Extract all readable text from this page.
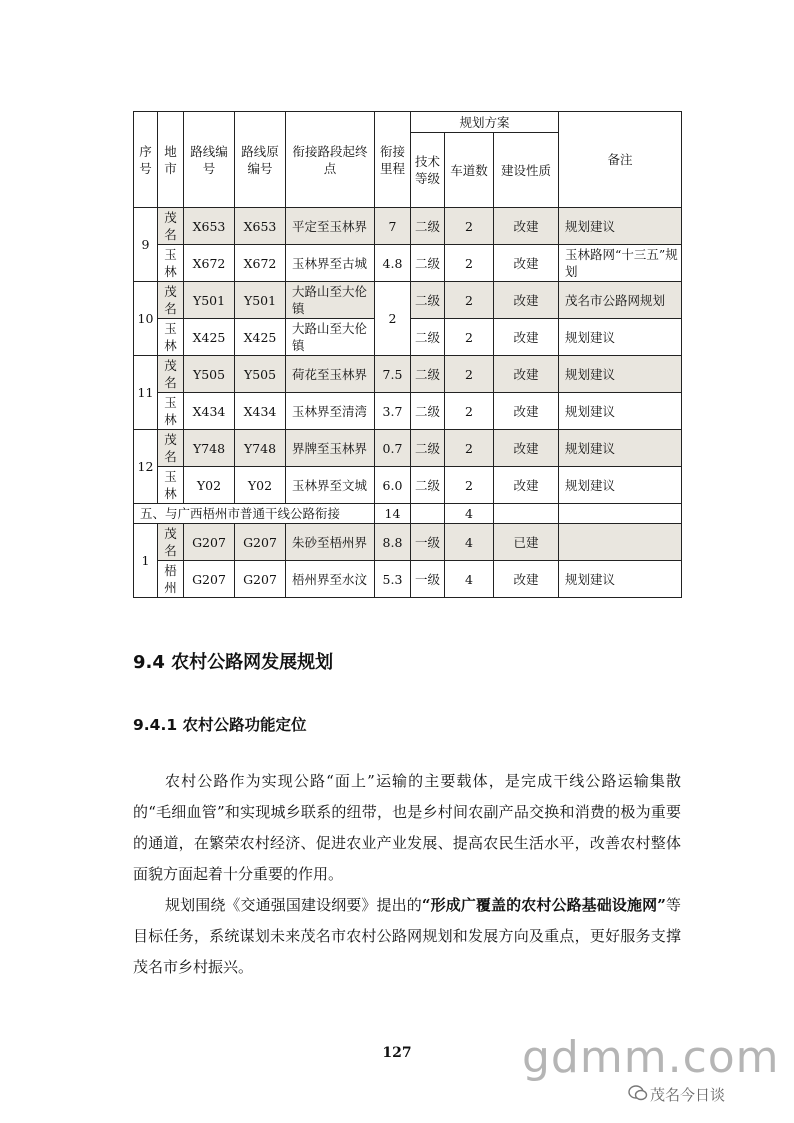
序号	地市	路线编号	路线原编号	衔接路段起终点	衔接里程	规划方案			备注
						技术等级	车道数	建设性质	
9	茂名	X653	X653	平定至玉林界	7	二级	2	改建	规划建议
	玉林	X672	X672	玉林界至古城	4.8	二级	2	改建	玉林路网“十三五”规划
10	茂名	Y501	Y501	大路山至大伦镇	2	二级	2	改建	茂名市公路网规划
	玉林	X425	X425	大路山至大伦镇		二级	2	改建	规划建议
11	茂名	Y505	Y505	荷花至玉林界	7.5	二级	2	改建	规划建议
	玉林	X434	X434	玉林界至清湾	3.7	二级	2	改建	规划建议
12	茂名	Y748	Y748	界牌至玉林界	0.7	二级	2	改建	规划建议
	玉林	Y02	Y02	玉林界至文城	6.0	二级	2	改建	规划建议
五、与广西梧州市普通干线公路衔接					14		4		
1	茂名	G207	G207	朱砂至梧州界	8.8	一级	4	已建	
	梧州	G207	G207	梧州界至水汶	5.3	一级	4	改建	规划建议
9.4 农村公路网发展规划
9.4.1 农村公路功能定位

农村公路作为实现公路“面上”运输的主要载体，是完成干线公路运输集散的“毛细血管”和实现城乡联系的纽带，也是乡村间农副产品交换和消费的极为重要的通道，在繁荣农村经济、促进农业产业发展、提高农民生活水平，改善农村整体面貌方面起着十分重要的作用。

规划围绕《交通强国建设纲要》提出的“形成广覆盖的农村公路基础设施网”等目标任务，系统谋划未来茂名市农村公路网规划和发展方向及重点，更好服务支撑茂名市乡村振兴。

127	gdmm.com
茂名今日谈
